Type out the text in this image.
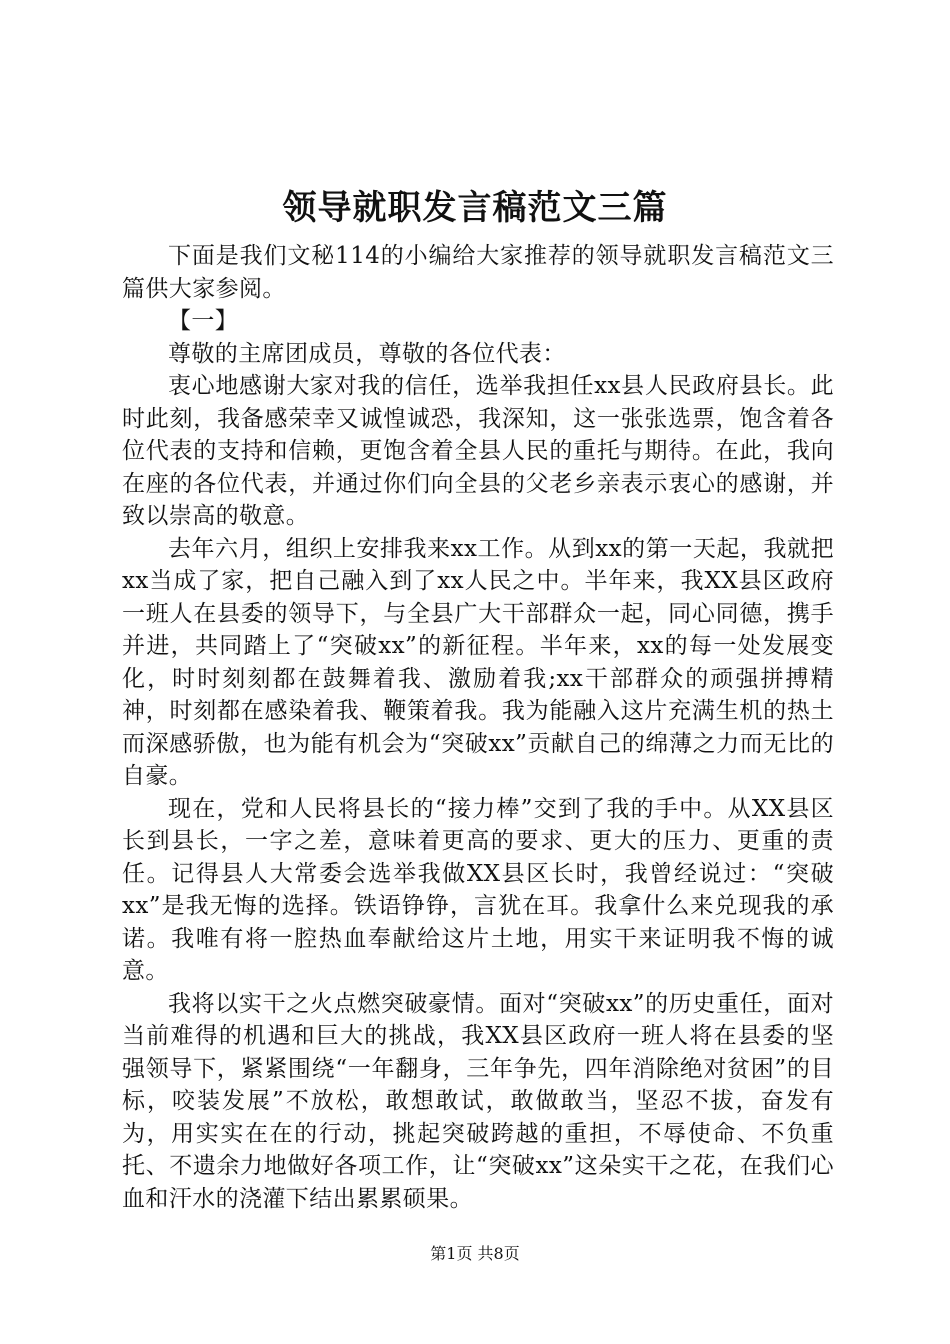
领导就职发言稿范文三篇

下面是我们文秘114的小编给大家推荐的领导就职发言稿范文三篇供大家参阅。

【一】

尊敬的主席团成员，尊敬的各位代表：

衷心地感谢大家对我的信任，选举我担任xx县人民政府县长。此时此刻，我备感荣幸又诚惶诚恐，我深知，这一张张选票，饱含着各位代表的支持和信赖，更饱含着全县人民的重托与期待。在此，我向在座的各位代表，并通过你们向全县的父老乡亲表示衷心的感谢，并致以崇高的敬意。

去年六月，组织上安排我来xx工作。从到xx的第一天起，我就把xx当成了家，把自己融入到了xx人民之中。半年来，我XX县区政府一班人在县委的领导下，与全县广大干部群众一起，同心同德，携手并进，共同踏上了“突破xx”的新征程。半年来，xx的每一处发展变化，时时刻刻都在鼓舞着我、激励着我;xx干部群众的顽强拼搏精神，时刻都在感染着我、鞭策着我。我为能融入这片充满生机的热土而深感骄傲，也为能有机会为“突破xx”贡献自己的绵薄之力而无比的自豪。

现在，党和人民将县长的“接力棒”交到了我的手中。从XX县区长到县长，一字之差，意味着更高的要求、更大的压力、更重的责任。记得县人大常委会选举我做XX县区长时，我曾经说过：“突破xx”是我无悔的选择。铁语铮铮，言犹在耳。我拿什么来兑现我的承诺。我唯有将一腔热血奉献给这片土地，用实干来证明我不悔的诚意。

我将以实干之火点燃突破豪情。面对“突破xx”的历史重任，面对当前难得的机遇和巨大的挑战，我XX县区政府一班人将在县委的坚强领导下，紧紧围绕“一年翻身，三年争先，四年消除绝对贫困”的目标，咬装发展”不放松，敢想敢试，敢做敢当，坚忍不拔，奋发有为，用实实在在的行动，挑起突破跨越的重担，不辱使命、不负重托、不遗余力地做好各项工作，让“突破xx”这朵实干之花，在我们心血和汗水的浇灌下结出累累硕果。

第1页 共8页
